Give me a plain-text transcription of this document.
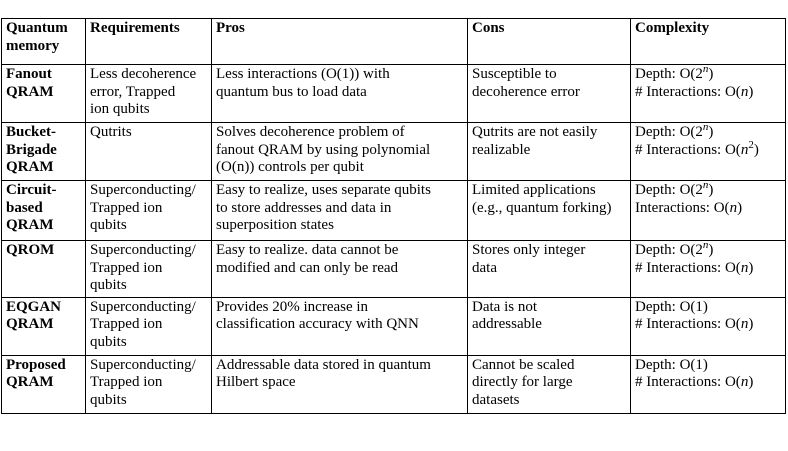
Quantum
memory	Requirements	Pros	Cons	Complexity

Fanout
QRAM	Less decoherence
error, Trapped
ion qubits	Less interactions (O(1)) with
quantum bus to load data	Susceptible to
decoherence error	Depth: O(2$^n$)
# Interactions: O(n)

Bucket-
Brigade
QRAM	Qutrits	Solves decoherence problem of
fanout QRAM by using polynomial
(O(n)) controls per qubit	Qutrits are not easily
realizable	Depth: O(2$^n$)
# Interactions: $O(n^2)$

Circuit-
based
QRAM	Superconducting/
Trapped ion
qubits	Easy to realize, uses separate qubits
to store addresses and data in
superposition states	Limited applications
(e.g., quantum forking)	Depth: O(2$^n$)
Interactions: O(n)

QROM	Superconducting/
Trapped ion
qubits	Easy to realize. data cannot be
modified and can only be read	Stores only integer
data	Depth: O(2$^n$)
# Interactions: O(n)

EQGAN
QRAM	Superconducting/
Trapped ion
qubits	Provides 20% increase in
classification accuracy with QNN	Data is not
addressable	Depth: O(1)
# Interactions: O(n)

Proposed
QRAM	Superconducting/
Trapped ion
qubits	Addressable data stored in quantum
Hilbert space	Cannot be scaled
directly for large
datasets	Depth: O(1)
# Interactions: O(n)
